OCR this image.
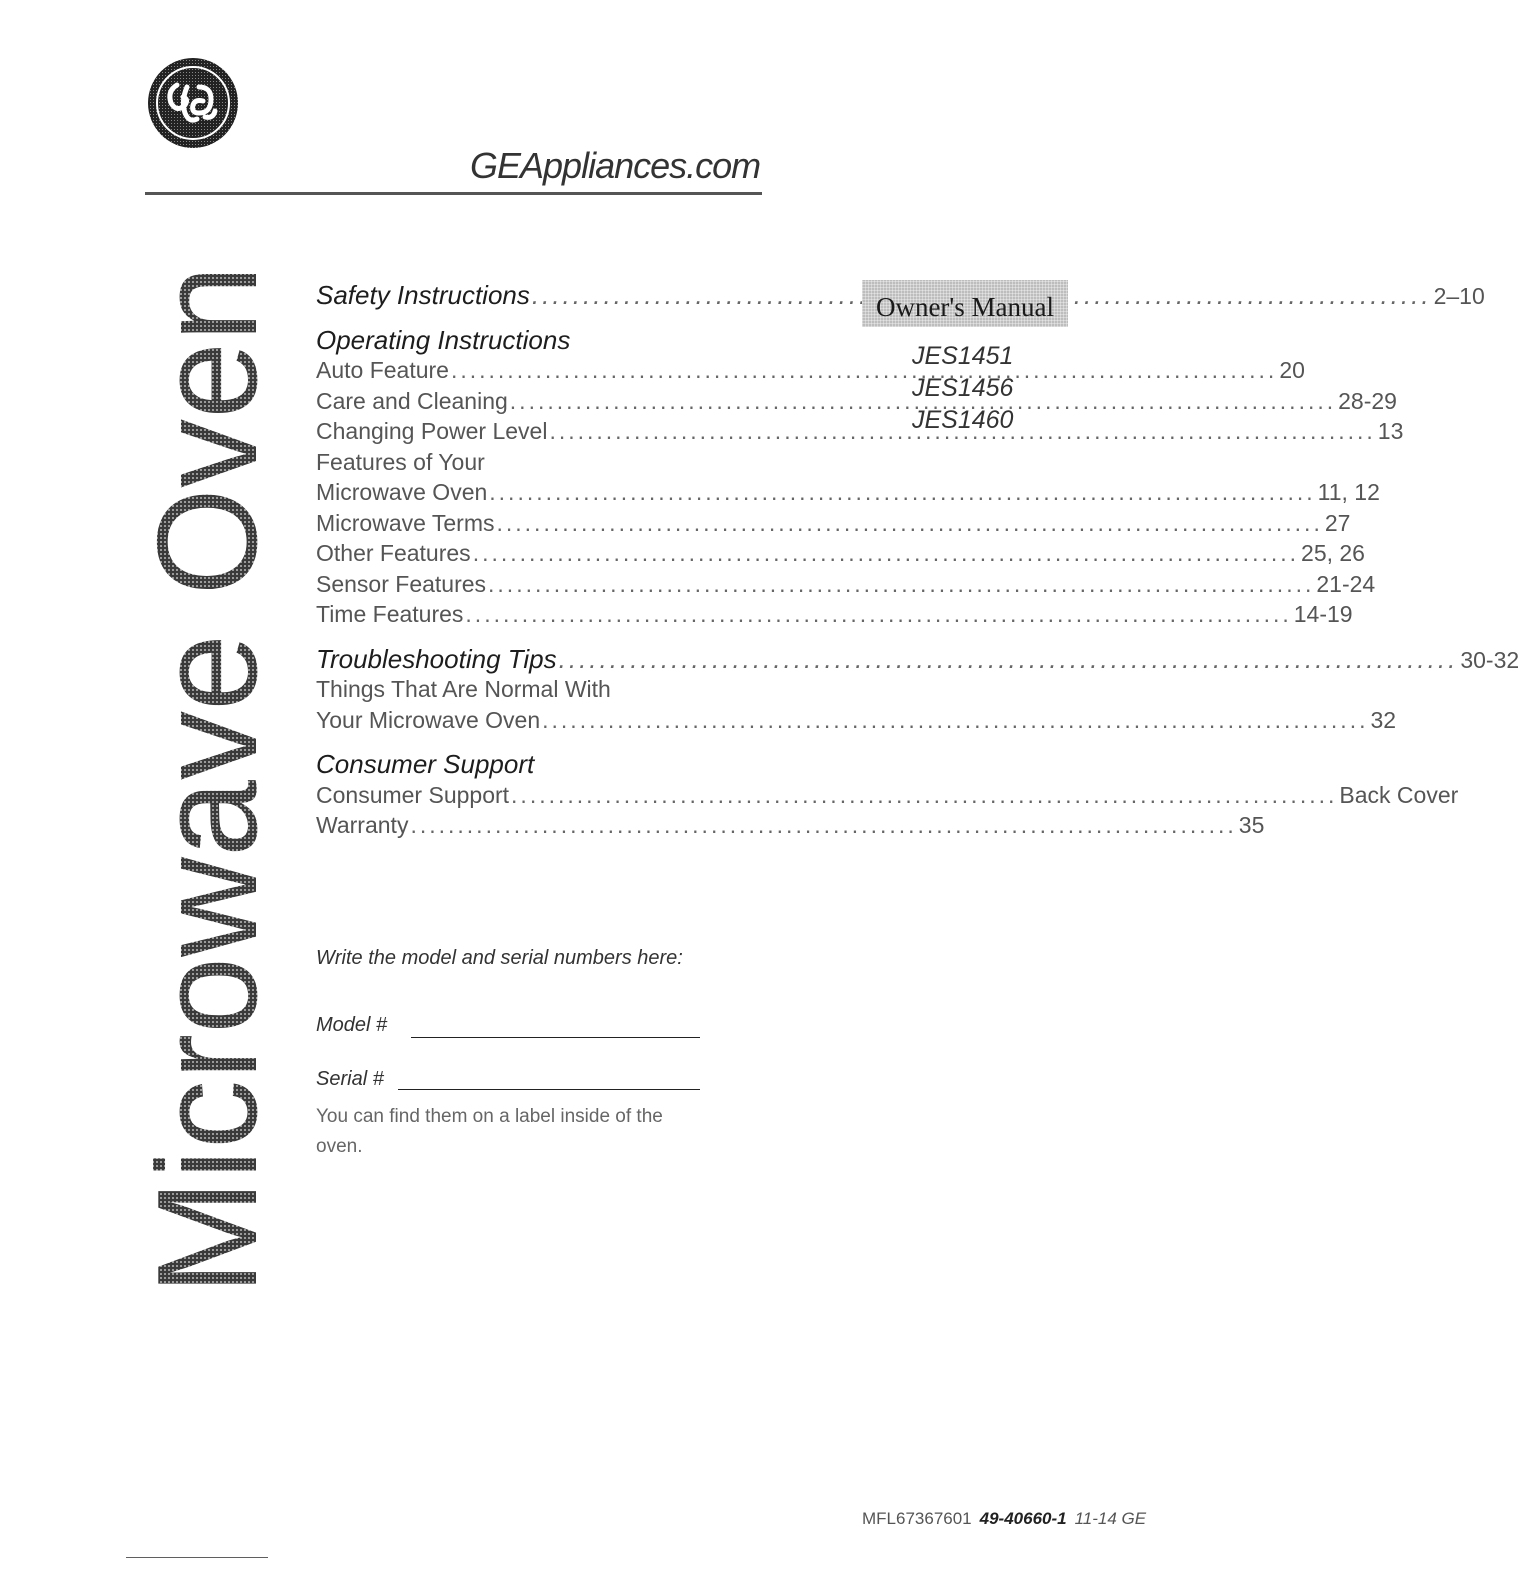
GEAppliances.com
Microwave Oven Safety Instructions .....	2–10
Operating Instructions
Auto Feature .....	20
Care and Cleaning .....	28-29
Changing Power Level .....	13
Features of Your
Microwave Oven .....	11, 12
Microwave Terms .....	27
Other Features .....	25, 26
Sensor Features .....	21-24
Time Features .....	14-19
Troubleshooting Tips .....	30-32
Things That Are Normal With
Your Microwave Oven .....	32
Consumer Support
Consumer Support .....	Back Cover
Warranty .....	35
Owner's Manual
JES1451
JES1456
JES1460
Write the model and serial numbers here:
Model #
Serial #
You can find them on a label inside of the oven.
MFL67367601 49-40660-1 11-14 GE
